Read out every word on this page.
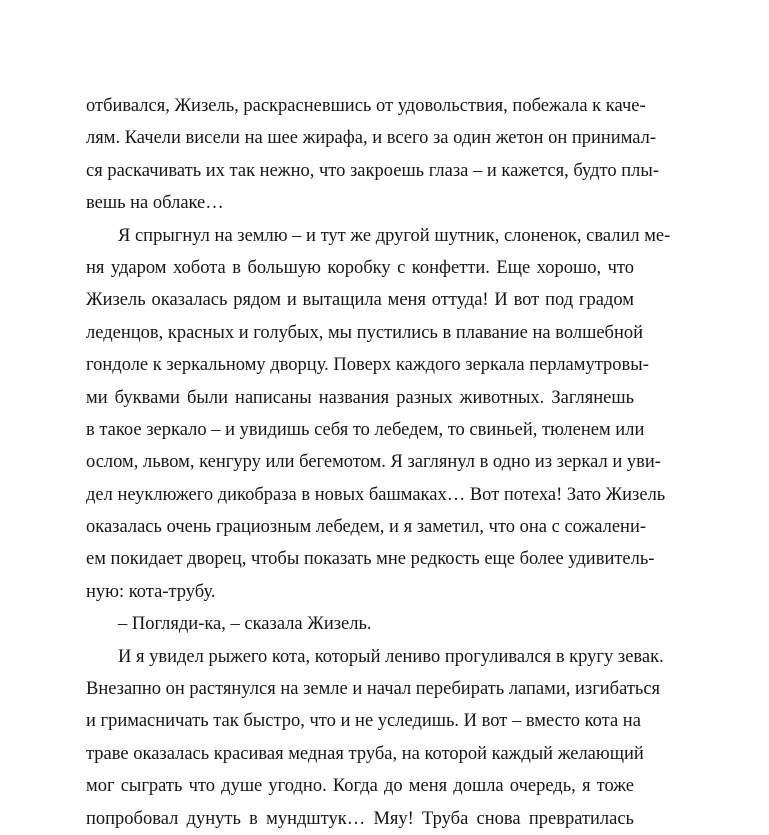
отбивался, Жизель, раскрасневшись от удовольствия, побежала к каче-
лям. Качели висели на шее жирафа, и всего за один жетон он принимал-
ся раскачивать их так нежно, что закроешь глаза – и кажется, будто плы-
вешь на облаке…
Я спрыгнул на землю – и тут же другой шутник, слоненок, свалил ме-
ня ударом хобота в большую коробку с конфетти. Еще хорошо, что
Жизель оказалась рядом и вытащила меня оттуда! И вот под градом
леденцов, красных и голубых, мы пустились в плавание на волшебной
гондоле к зеркальному дворцу. Поверх каждого зеркала перламутровы-
ми буквами были написаны названия разных животных. Заглянешь
в такое зеркало – и увидишь себя то лебедем, то свиньей, тюленем или
ослом, львом, кенгуру или бегемотом. Я заглянул в одно из зеркал и уви-
дел неуклюжего дикобраза в новых башмаках… Вот потеха! Зато Жизель
оказалась очень грациозным лебедем, и я заметил, что она с сожалени-
ем покидает дворец, чтобы показать мне редкость еще более удивитель-
ную: кота-трубу.
– Погляди-ка, – сказала Жизель.
И я увидел рыжего кота, который лениво прогуливался в кругу зевак.
Внезапно он растянулся на земле и начал перебирать лапами, изгибаться
и гримасничать так быстро, что и не уследишь. И вот – вместо кота на
траве оказалась красивая медная труба, на которой каждый желающий
мог сыграть что душе угодно. Когда до меня дошла очередь, я тоже
попробовал дунуть в мундштук… Мяу! Труба снова превратилась
